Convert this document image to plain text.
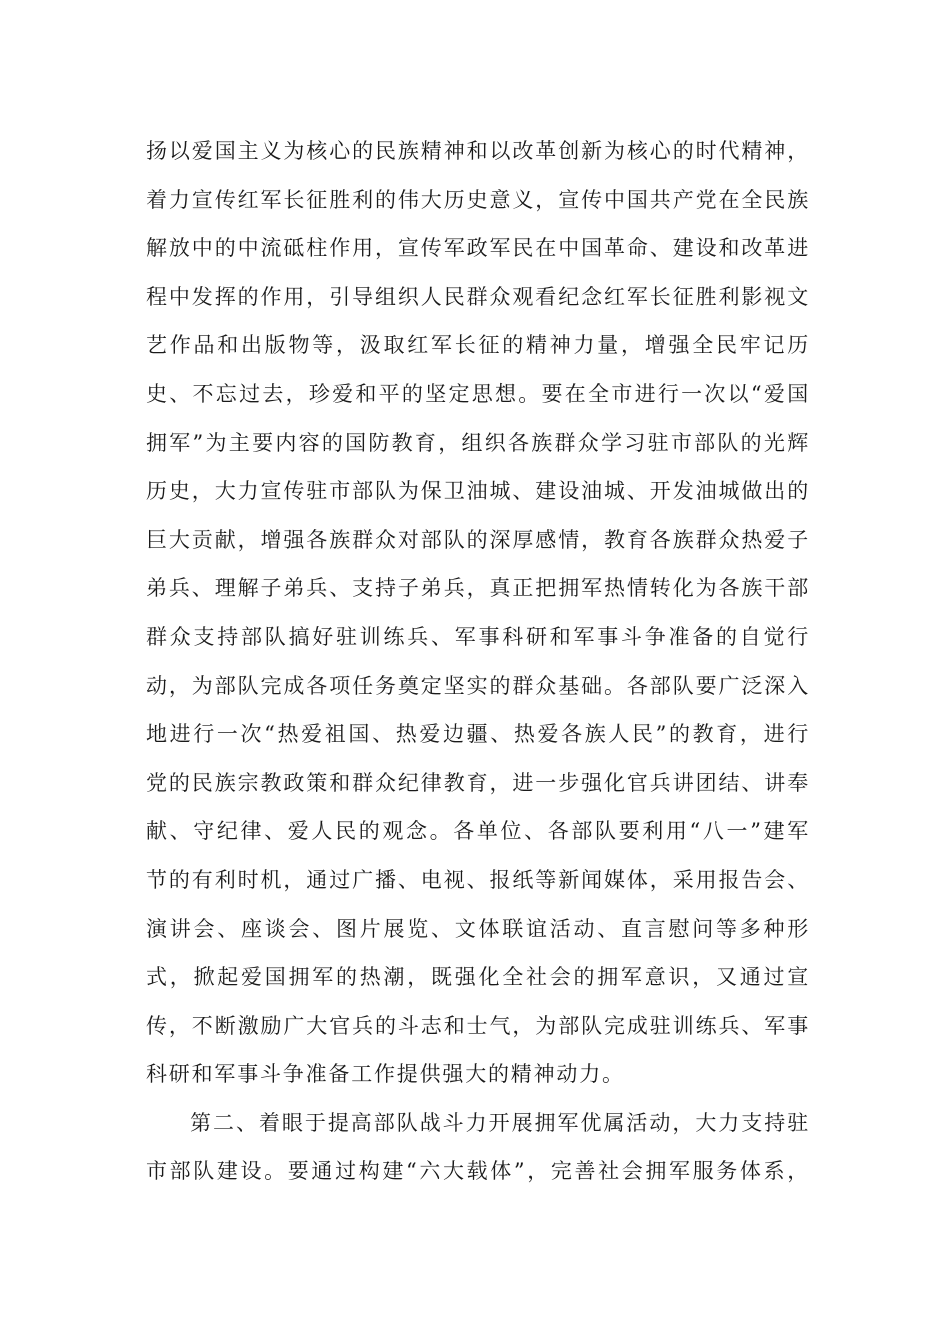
扬以爱国主义为核心的民族精神和以改革创新为核心的时代精神，
着力宣传红军长征胜利的伟大历史意义，宣传中国共产党在全民族
解放中的中流砥柱作用，宣传军政军民在中国革命、建设和改革进
程中发挥的作用，引导组织人民群众观看纪念红军长征胜利影视文
艺作品和出版物等，汲取红军长征的精神力量，增强全民牢记历
史、不忘过去，珍爱和平的坚定思想。要在全市进行一次以“爱国
拥军”为主要内容的国防教育，组织各族群众学习驻市部队的光辉
历史，大力宣传驻市部队为保卫油城、建设油城、开发油城做出的
巨大贡献，增强各族群众对部队的深厚感情，教育各族群众热爱子
弟兵、理解子弟兵、支持子弟兵，真正把拥军热情转化为各族干部
群众支持部队搞好驻训练兵、军事科研和军事斗争准备的自觉行
动，为部队完成各项任务奠定坚实的群众基础。各部队要广泛深入
地进行一次“热爱祖国、热爱边疆、热爱各族人民”的教育，进行
党的民族宗教政策和群众纪律教育，进一步强化官兵讲团结、讲奉
献、守纪律、爱人民的观念。各单位、各部队要利用“八一”建军
节的有利时机，通过广播、电视、报纸等新闻媒体，采用报告会、
演讲会、座谈会、图片展览、文体联谊活动、直言慰问等多种形
式，掀起爱国拥军的热潮，既强化全社会的拥军意识，又通过宣
传，不断激励广大官兵的斗志和士气，为部队完成驻训练兵、军事
科研和军事斗争准备工作提供强大的精神动力。
第二、着眼于提高部队战斗力开展拥军优属活动，大力支持驻
市部队建设。要通过构建“六大载体”，完善社会拥军服务体系，
